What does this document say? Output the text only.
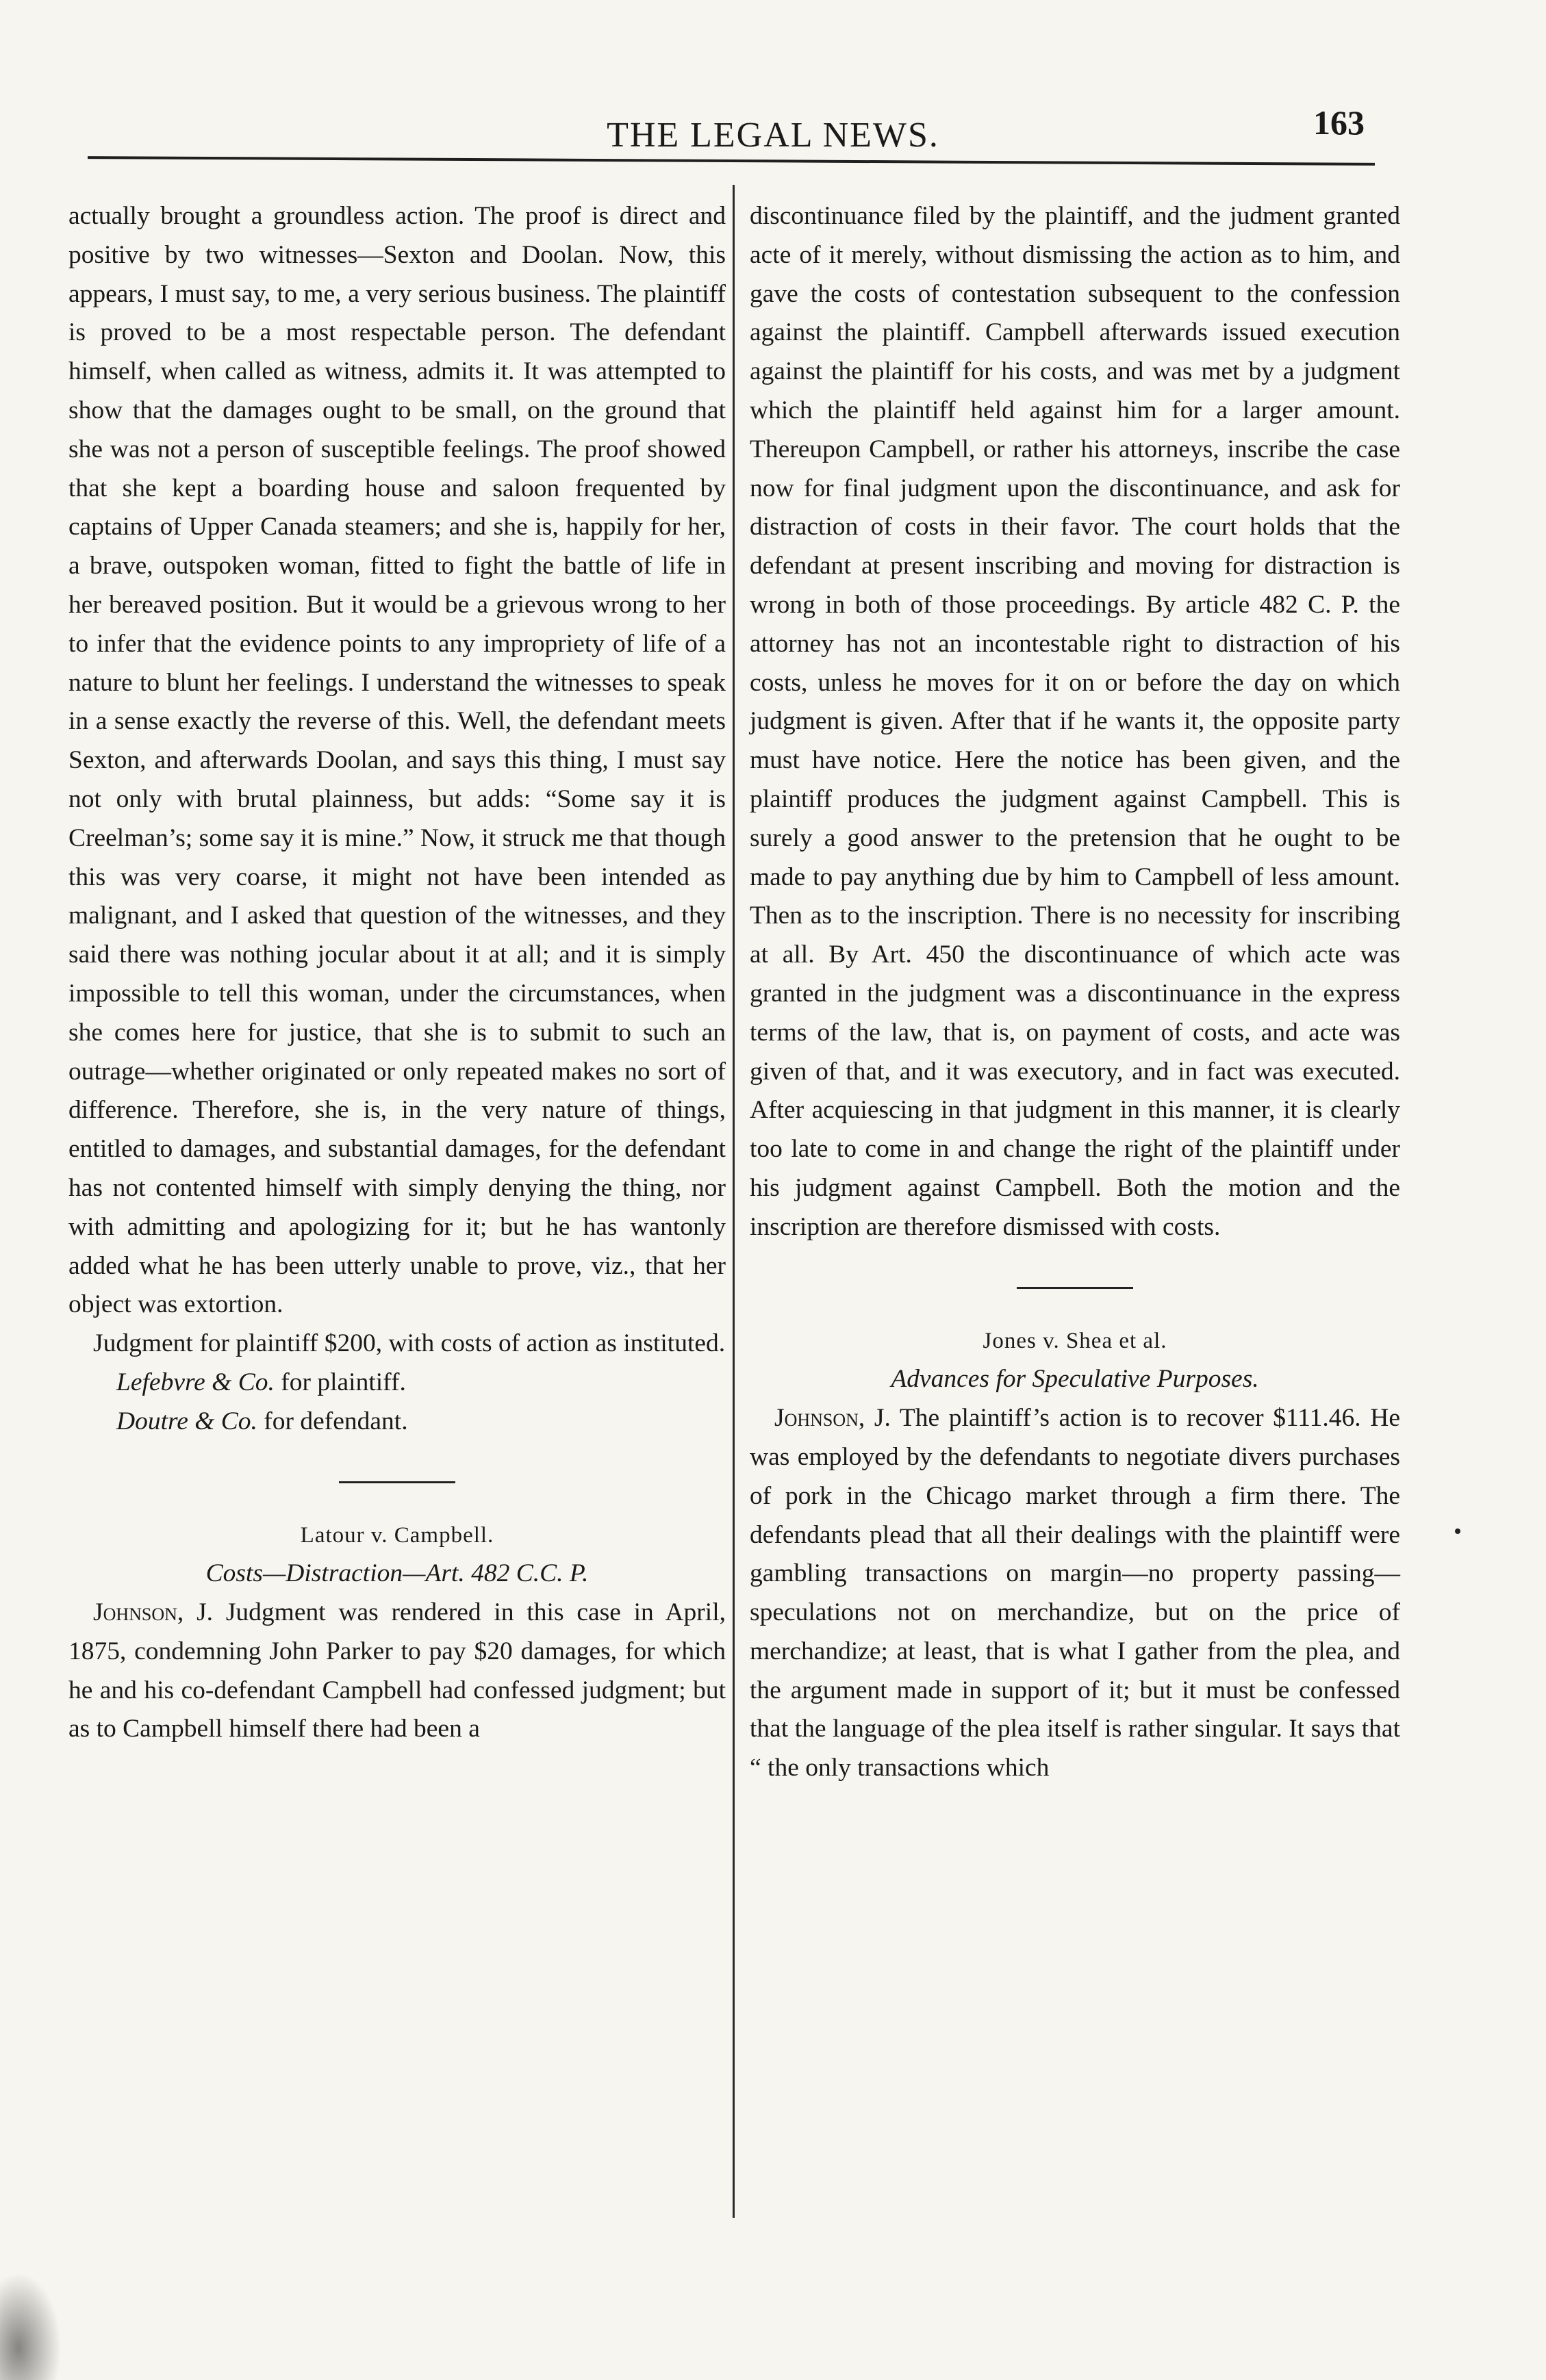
THE LEGAL NEWS.	163

actually brought a groundless action. The proof is direct and positive by two witnesses—Sexton and Doolan. Now, this appears, I must say, to me, a very serious business. The plaintiff is proved to be a most respectable person. The defendant himself, when called as witness, admits it. It was attempted to show that the damages ought to be small, on the ground that she was not a person of susceptible feelings. The proof showed that she kept a boarding house and saloon frequented by captains of Upper Canada steamers; and she is, happily for her, a brave, outspoken woman, fitted to fight the battle of life in her bereaved position. But it would be a grievous wrong to her to infer that the evidence points to any impropriety of life of a nature to blunt her feelings. I understand the witnesses to speak in a sense exactly the reverse of this. Well, the defendant meets Sexton, and afterwards Doolan, and says this thing, I must say not only with brutal plainness, but adds: “Some say it is Creelman’s; some say it is mine.” Now, it struck me that though this was very coarse, it might not have been intended as malignant, and I asked that question of the witnesses, and they said there was nothing jocular about it at all; and it is simply impossible to tell this woman, under the circumstances, when she comes here for justice, that she is to submit to such an outrage—whether originated or only repeated makes no sort of difference. Therefore, she is, in the very nature of things, entitled to damages, and substantial damages, for the defendant has not contented himself with simply denying the thing, nor with admitting and apologizing for it; but he has wantonly added what he has been utterly unable to prove, viz., that her object was extortion.

Judgment for plaintiff $200, with costs of action as instituted.

Lefebvre & Co. for plaintiff.

Doutre & Co. for defendant.

Latour v. Campbell.

Costs—Distraction—Art. 482 C.C. P.

Johnson, J. Judgment was rendered in this case in April, 1875, condemning John Parker to pay $20 damages, for which he and his co-defendant Campbell had confessed judgment; but as to Campbell himself there had been a

discontinuance filed by the plaintiff, and the judment granted acte of it merely, without dismissing the action as to him, and gave the costs of contestation subsequent to the confession against the plaintiff. Campbell afterwards issued execution against the plaintiff for his costs, and was met by a judgment which the plaintiff held against him for a larger amount. Thereupon Campbell, or rather his attorneys, inscribe the case now for final judgment upon the discontinuance, and ask for distraction of costs in their favor. The court holds that the defendant at present inscribing and moving for distraction is wrong in both of those proceedings. By article 482 C. P. the attorney has not an incontestable right to distraction of his costs, unless he moves for it on or before the day on which judgment is given. After that if he wants it, the opposite party must have notice. Here the notice has been given, and the plaintiff produces the judgment against Campbell. This is surely a good answer to the pretension that he ought to be made to pay anything due by him to Campbell of less amount. Then as to the inscription. There is no necessity for inscribing at all. By Art. 450 the discontinuance of which acte was granted in the judgment was a discontinuance in the express terms of the law, that is, on payment of costs, and acte was given of that, and it was executory, and in fact was executed. After acquiescing in that judgment in this manner, it is clearly too late to come in and change the right of the plaintiff under his judgment against Campbell. Both the motion and the inscription are therefore dismissed with costs.

Jones v. Shea et al.

Advances for Speculative Purposes.

Johnson, J. The plaintiff’s action is to recover $111.46. He was employed by the defendants to negotiate divers purchases of pork in the Chicago market through a firm there. The defendants plead that all their dealings with the plaintiff were gambling transactions on margin—no property passing—speculations not on merchandize, but on the price of merchandize; at least, that is what I gather from the plea, and the argument made in support of it; but it must be confessed that the language of the plea itself is rather singular. It says that “ the only transactions which
